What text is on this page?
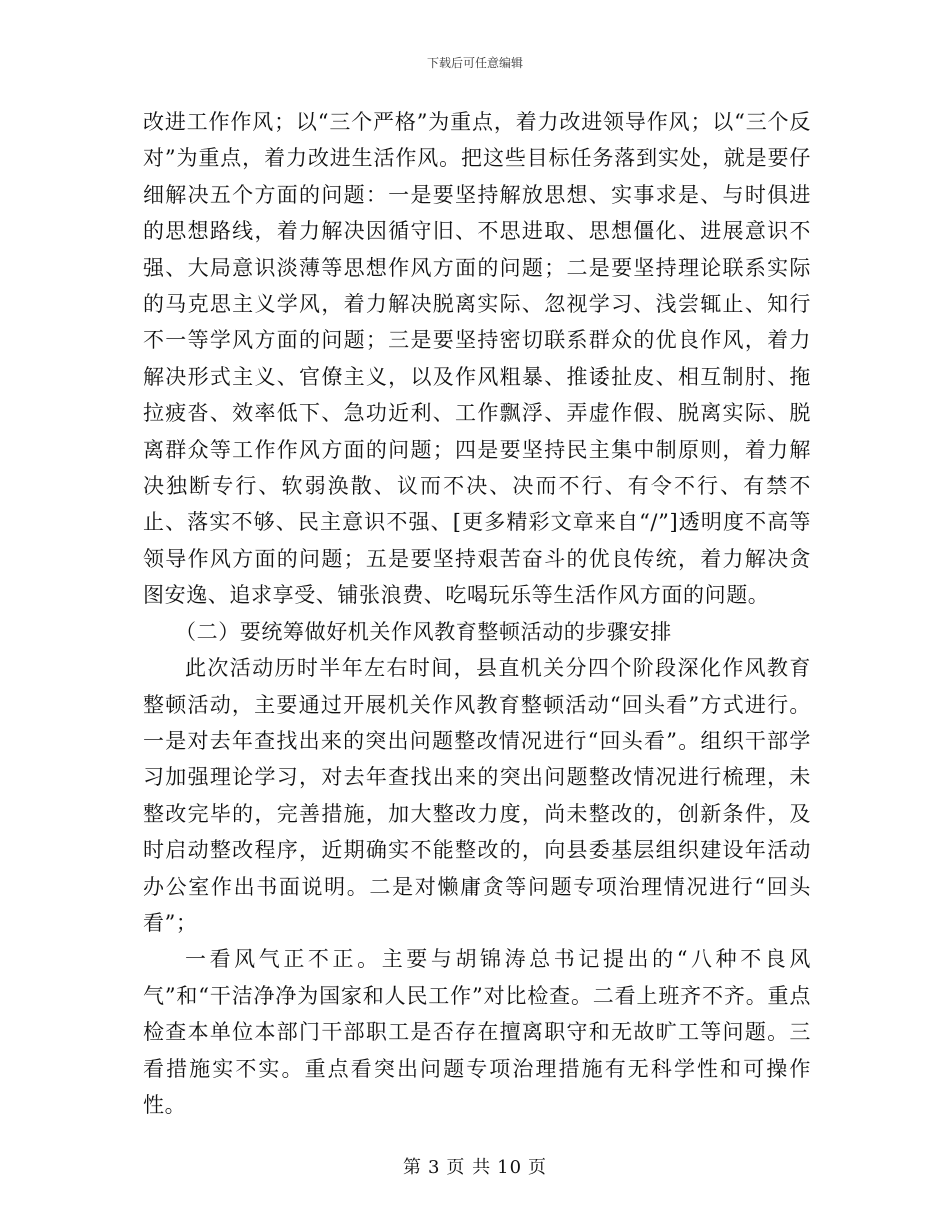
下载后可任意编辑

改进工作作风；以“三个严格”为重点，着力改进领导作风；以“三个反对”为重点，着力改进生活作风。把这些目标任务落到实处，就是要仔细解决五个方面的问题：一是要坚持解放思想、实事求是、与时俱进的思想路线，着力解决因循守旧、不思进取、思想僵化、进展意识不强、大局意识淡薄等思想作风方面的问题；二是要坚持理论联系实际的马克思主义学风，着力解决脱离实际、忽视学习、浅尝辄止、知行不一等学风方面的问题；三是要坚持密切联系群众的优良作风，着力解决形式主义、官僚主义，以及作风粗暴、推诿扯皮、相互制肘、拖拉疲沓、效率低下、急功近利、工作飘浮、弄虚作假、脱离实际、脱离群众等工作作风方面的问题；四是要坚持民主集中制原则，着力解决独断专行、软弱涣散、议而不决、决而不行、有令不行、有禁不止、落实不够、民主意识不强、[更多精彩文章来自“/”]透明度不高等领导作风方面的问题；五是要坚持艰苦奋斗的优良传统，着力解决贪图安逸、追求享受、铺张浪费、吃喝玩乐等生活作风方面的问题。

（二）要统筹做好机关作风教育整顿活动的步骤安排

此次活动历时半年左右时间，县直机关分四个阶段深化作风教育整顿活动，主要通过开展机关作风教育整顿活动“回头看”方式进行。一是对去年查找出来的突出问题整改情况进行“回头看”。组织干部学习加强理论学习，对去年查找出来的突出问题整改情况进行梳理，未整改完毕的，完善措施，加大整改力度，尚未整改的，创新条件，及时启动整改程序，近期确实不能整改的，向县委基层组织建设年活动办公室作出书面说明。二是对懒庸贪等问题专项治理情况进行“回头看”；

一看风气正不正。主要与胡锦涛总书记提出的“八种不良风气”和“干洁净净为国家和人民工作”对比检查。二看上班齐不齐。重点检查本单位本部门干部职工是否存在擅离职守和无故旷工等问题。三看措施实不实。重点看突出问题专项治理措施有无科学性和可操作性。

第 3 页 共 10 页
